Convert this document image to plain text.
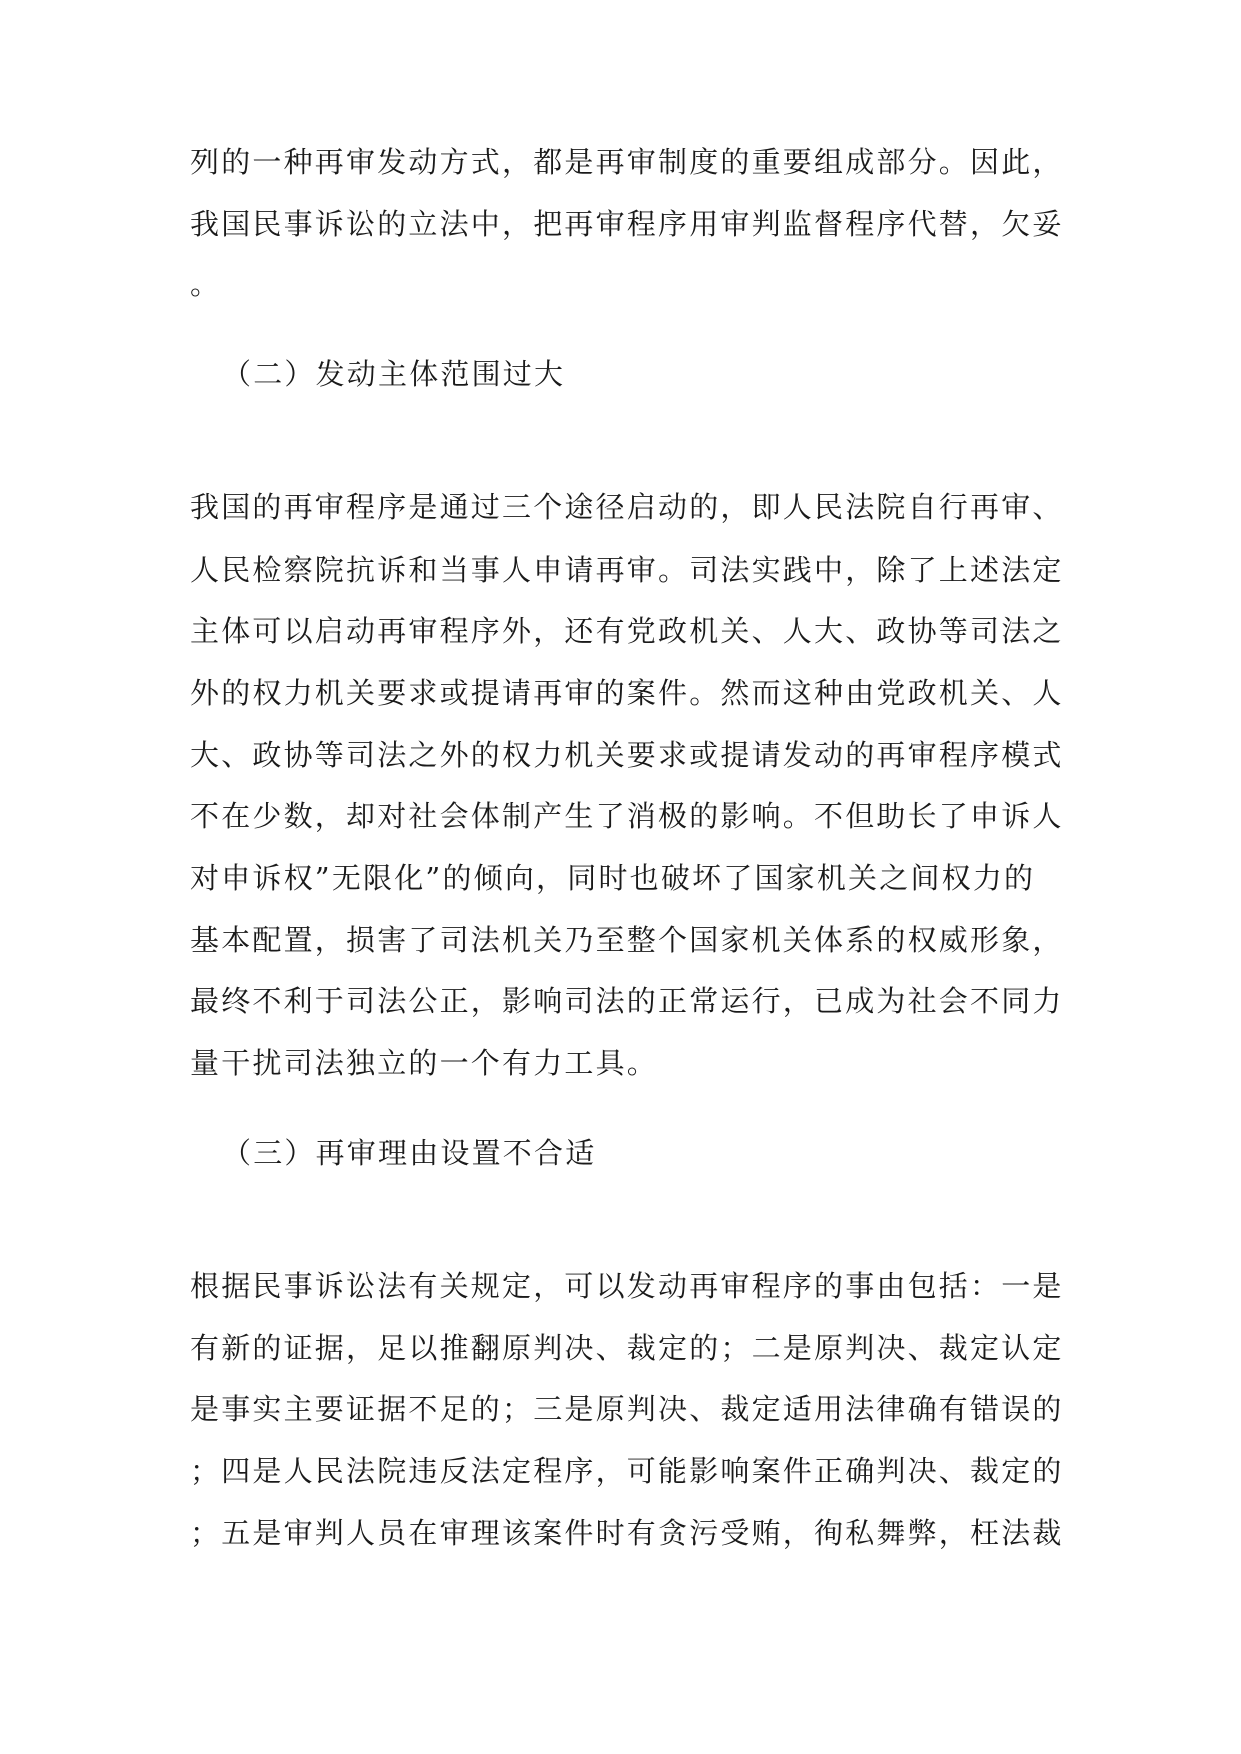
列的一种再审发动方式，都是再审制度的重要组成部分。因此，
我国民事诉讼的立法中，把再审程序用审判监督程序代替，欠妥
。
（二）发动主体范围过大
我国的再审程序是通过三个途径启动的，即人民法院自行再审、
人民检察院抗诉和当事人申请再审。司法实践中，除了上述法定
主体可以启动再审程序外，还有党政机关、人大、政协等司法之
外的权力机关要求或提请再审的案件。然而这种由党政机关、人
大、政协等司法之外的权力机关要求或提请发动的再审程序模式
不在少数，却对社会体制产生了消极的影响。不但助长了申诉人
对申诉权”无限化”的倾向，同时也破坏了国家机关之间权力的
基本配置，损害了司法机关乃至整个国家机关体系的权威形象，
最终不利于司法公正，影响司法的正常运行，已成为社会不同力
量干扰司法独立的一个有力工具。
（三）再审理由设置不合适
根据民事诉讼法有关规定，可以发动再审程序的事由包括：一是
有新的证据，足以推翻原判决、裁定的；二是原判决、裁定认定
是事实主要证据不足的；三是原判决、裁定适用法律确有错误的
；四是人民法院违反法定程序，可能影响案件正确判决、裁定的
；五是审判人员在审理该案件时有贪污受贿，徇私舞弊，枉法裁
